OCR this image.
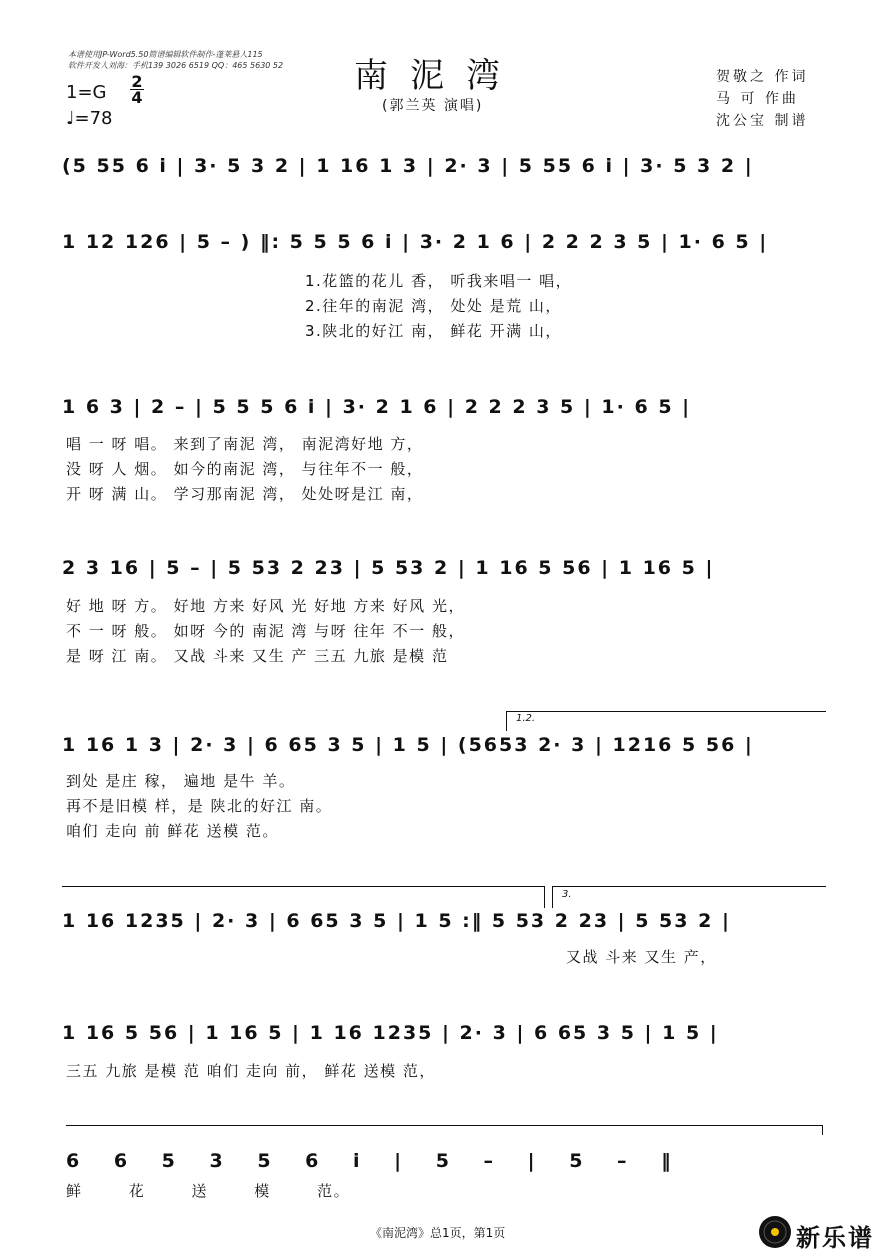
本谱使用JP-Word5.50简谱编辑软件制作-蓬莱悬人115
软件开发人刘海：手机139 3026 6519 QQ：465 5630 52 南泥湾
(郭兰英 演唱)
1=G
2
4
♩=78
贺敬之 作词
马 可 作曲
沈公宝 制谱
(5 55 6 i | 3· 5 3 2 | 1 16 1 3 | 2· 3 | 5 55 6 i | 3· 5 3 2 |
1 12 126 | 5 – ) ‖: 5 5 5 6 i | 3· 2 1 6 | 2 2 2 3 5 | 1· 6 5 |
1.花篮的花儿 香， 听我来唱一 唱，
2.往年的南泥 湾， 处处 是荒 山，
3.陕北的好江 南， 鲜花 开满 山，
1 6 3 | 2 – | 5 5 5 6 i | 3· 2 1 6 | 2 2 2 3 5 | 1· 6 5 |
唱 一 呀 唱。 来到了南泥 湾， 南泥湾好地 方，
没 呀 人 烟。 如今的南泥 湾， 与往年不一 般，
开 呀 满 山。 学习那南泥 湾， 处处呀是江 南，
2 3 16 | 5 – | 5 53 2 23 | 5 53 2 | 1 16 5 56 | 1 16 5 |
好 地 呀 方。 好地 方来 好风 光 好地 方来 好风 光，
不 一 呀 般。 如呀 今的 南泥 湾 与呀 往年 不一 般，
是 呀 江 南。 又战 斗来 又生 产 三五 九旅 是模 范
1.2.
1 16 1 3 | 2· 3 | 6 65 3 5 | 1 5 | (5653 2· 3 | 1216 5 56 |
到处 是庄 稼， 遍地 是牛 羊。
再不是旧模 样，是 陕北的好江 南。
咱们 走向 前 鲜花 送模 范。
3.
1 16 1235 | 2· 3 | 6 65 3 5 | 1 5 :‖ 5 53 2 23 | 5 53 2 |
又战 斗来 又生 产，
1 16 5 56 | 1 16 5 | 1 16 1235 | 2· 3 | 6 65 3 5 | 1 5 |
三五 九旅 是模 范 咱们 走向 前， 鲜花 送模 范，
6 6 5 3 5 6 i | 5 – | 5 – ‖
鲜 花 送 模 范。
《南泥湾》总1页，第1页	新乐谱
